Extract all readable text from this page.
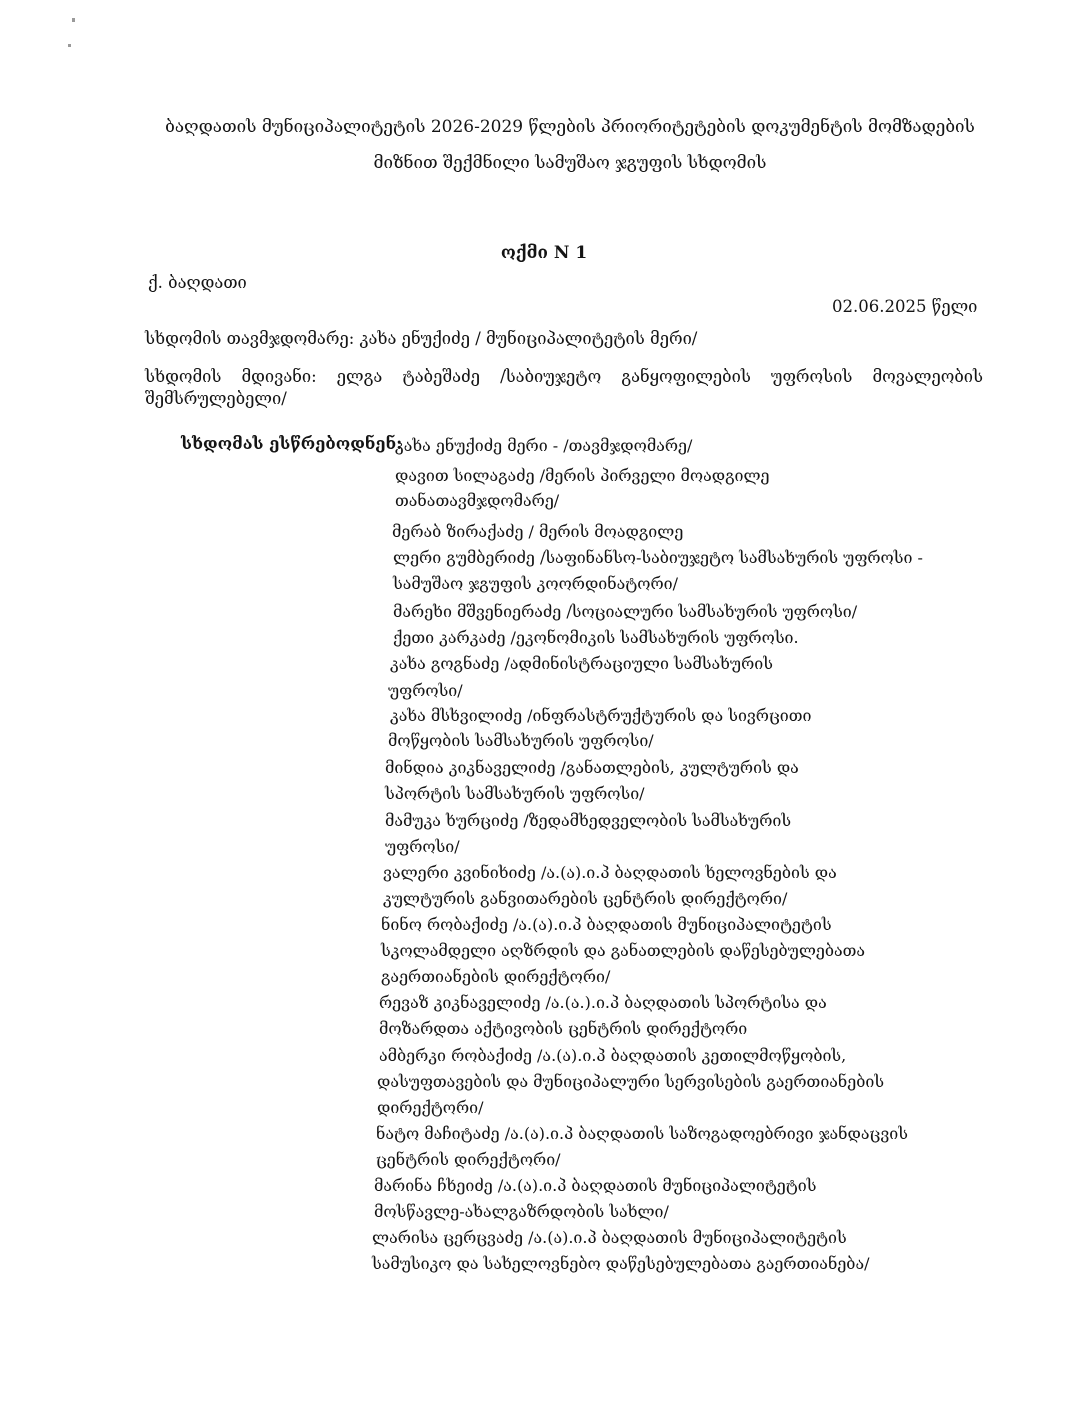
ბაღდათის მუნიციპალიტეტის 2026-2029 წლების პრიორიტეტების დოკუმენტის მომზადების
მიზნით შექმნილი სამუშაო ჯგუფის სხდომის
ოქმი N 1
ქ. ბაღდათი
02.06.2025 წელი
სხდომის თავმჯდომარე: კახა ენუქიძე / მუნიციპალიტეტის მერი/
სხდომის მდივანი: ელგა ტაბეშაძე /საბიუჯეტო განყოფილების უფროსის მოვალეობის
შემსრულებელი/
სხდომას ესწრებოდნენ:
კახა ენუქიძე მერი - /თავმჯდომარე/
დავით სილაგაძე /მერის პირველი მოადგილე
თანათავმჯდომარე/
მერაბ ზირაქაძე / მერის მოადგილე
ლერი გუმბერიძე /საფინანსო-საბიუჯეტო სამსახურის უფროსი -
სამუშაო ჯგუფის კოორდინატორი/
მარეხი მშვენიერაძე /სოციალური სამსახურის უფროსი/
ქეთი კარკაძე /ეკონომიკის სამსახურის უფროსი.
კახა გოგნაძე /ადმინისტრაციული სამსახურის
უფროსი/
კახა მსხვილიძე /ინფრასტრუქტურის და სივრცითი
მოწყობის სამსახურის უფროსი/
მინდია კიკნაველიძე /განათლების, კულტურის და
სპორტის სამსახურის უფროსი/
მამუკა ხურციძე /ზედამხედველობის სამსახურის
უფროსი/
ვალერი კვინიხიძე /ა.(ა).ი.პ ბაღდათის ხელოვნების და
კულტურის განვითარების ცენტრის დირექტორი/
ნინო რობაქიძე /ა.(ა).ი.პ ბაღდათის მუნიციპალიტეტის
სკოლამდელი აღზრდის და განათლების დაწესებულებათა
გაერთიანების დირექტორი/
რევაზ კიკნაველიძე /ა.(ა.).ი.პ ბაღდათის სპორტისა და
მოზარდთა აქტივობის ცენტრის დირექტორი
ამბერკი რობაქიძე /ა.(ა).ი.პ ბაღდათის კეთილმოწყობის,
დასუფთავების და მუნიციპალური სერვისების გაერთიანების
დირექტორი/
ნატო მაჩიტაძე /ა.(ა).ი.პ ბაღდათის საზოგადოებრივი ჯანდაცვის
ცენტრის დირექტორი/
მარინა ჩხეიძე /ა.(ა).ი.პ ბაღდათის მუნიციპალიტეტის
მოსწავლე-ახალგაზრდობის სახლი/
ლარისა ცერცვაძე /ა.(ა).ი.პ ბაღდათის მუნიციპალიტეტის
სამუსიკო და სახელოვნებო დაწესებულებათა გაერთიანება/
